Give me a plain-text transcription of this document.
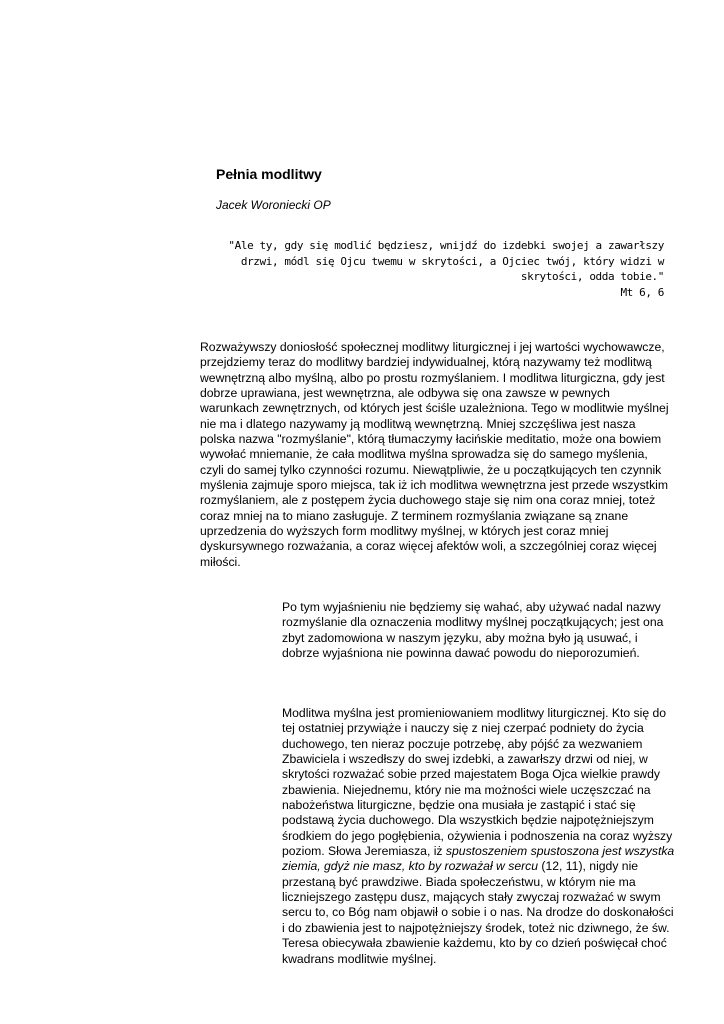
Pełnia modlitwy

Jacek Woroniecki OP

"Ale ty, gdy się modlić będziesz, wnijdź do izdebki swojej a zawarłszy drzwi, módl się Ojcu twemu w skrytości, a Ojciec twój, który widzi w skrytości, odda tobie."
Mt 6, 6

Rozważywszy doniosłość społecznej modlitwy liturgicznej i jej wartości wychowawcze, przejdziemy teraz do modlitwy bardziej indywidualnej, którą nazywamy też modlitwą wewnętrzną albo myślną, albo po prostu rozmyślaniem. I modlitwa liturgiczna, gdy jest dobrze uprawiana, jest wewnętrzna, ale odbywa się ona zawsze w pewnych warunkach zewnętrznych, od których jest ściśle uzależniona. Tego w modlitwie myślnej nie ma i dlatego nazywamy ją modlitwą wewnętrzną. Mniej szczęśliwa jest nasza polska nazwa "rozmyślanie", którą tłumaczymy łacińskie meditatio, może ona bowiem wywołać mniemanie, że cała modlitwa myślna sprowadza się do samego myślenia, czyli do samej tylko czynności rozumu. Niewątpliwie, że u początkujących ten czynnik myślenia zajmuje sporo miejsca, tak iż ich modlitwa wewnętrzna jest przede wszystkim rozmyślaniem, ale z postępem życia duchowego staje się nim ona coraz mniej, toteż coraz mniej na to miano zasługuje. Z terminem rozmyślania związane są znane uprzedzenia do wyższych form modlitwy myślnej, w których jest coraz mniej dyskursywnego rozważania, a coraz więcej afektów woli, a szczególniej coraz więcej miłości.

Po tym wyjaśnieniu nie będziemy się wahać, aby używać nadal nazwy rozmyślanie dla oznaczenia modlitwy myślnej początkujących; jest ona zbyt zadomowiona w naszym języku, aby można było ją usuwać, i dobrze wyjaśniona nie powinna dawać powodu do nieporozumień.

Modlitwa myślna jest promieniowaniem modlitwy liturgicznej. Kto się do tej ostatniej przywiąże i nauczy się z niej czerpać podniety do życia duchowego, ten nieraz poczuje potrzebę, aby pójść za wezwaniem Zbawiciela i wszedłszy do swej izdebki, a zawarłszy drzwi od niej, w skrytości rozważać sobie przed majestatem Boga Ojca wielkie prawdy zbawienia. Niejednemu, który nie ma możności wiele uczęszczać na nabożeństwa liturgiczne, będzie ona musiała je zastąpić i stać się podstawą życia duchowego. Dla wszystkich będzie najpotężniejszym środkiem do jego pogłębienia, ożywienia i podnoszenia na coraz wyższy poziom. Słowa Jeremiasza, iż spustoszeniem spustoszona jest wszystka ziemia, gdyż nie masz, kto by rozważał w sercu (12, 11), nigdy nie przestaną być prawdziwe. Biada społeczeństwu, w którym nie ma liczniejszego zastępu dusz, mających stały zwyczaj rozważać w swym sercu to, co Bóg nam objawił o sobie i o nas. Na drodze do doskonałości i do zbawienia jest to najpotężniejszy środek, toteż nic dziwnego, że św. Teresa obiecywała zbawienie każdemu, kto by co dzień poświęcał choć kwadrans modlitwie myślnej.
